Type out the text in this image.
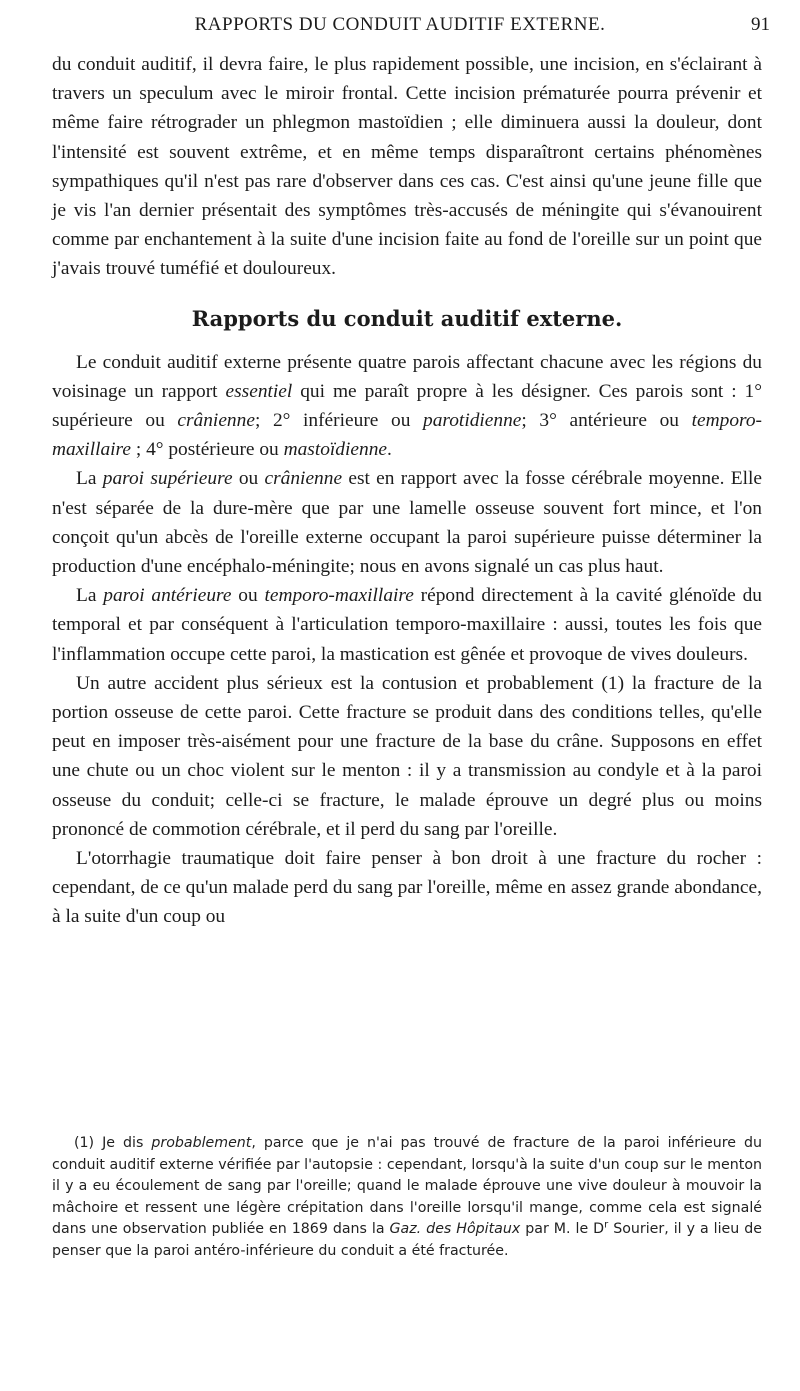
RAPPORTS DU CONDUIT AUDITIF EXTERNE.	91

du conduit auditif, il devra faire, le plus rapidement possible, une incision, en s'éclairant à travers un speculum avec le miroir frontal. Cette incision prématurée pourra prévenir et même faire rétrograder un phlegmon mastoïdien ; elle diminuera aussi la douleur, dont l'intensité est souvent extrême, et en même temps disparaîtront certains phénomènes sympathiques qu'il n'est pas rare d'observer dans ces cas. C'est ainsi qu'une jeune fille que je vis l'an dernier présentait des symptômes très-accusés de méningite qui s'évanouirent comme par enchantement à la suite d'une incision faite au fond de l'oreille sur un point que j'avais trouvé tuméfié et douloureux.

Rapports du conduit auditif externe.

Le conduit auditif externe présente quatre parois affectant chacune avec les régions du voisinage un rapport essentiel qui me paraît propre à les désigner. Ces parois sont : 1° supérieure ou crânienne; 2° inférieure ou parotidienne; 3° antérieure ou temporo-maxillaire ; 4° postérieure ou mastoïdienne.

La paroi supérieure ou crânienne est en rapport avec la fosse cérébrale moyenne. Elle n'est séparée de la dure-mère que par une lamelle osseuse souvent fort mince, et l'on conçoit qu'un abcès de l'oreille externe occupant la paroi supérieure puisse déterminer la production d'une encéphalo-méningite; nous en avons signalé un cas plus haut.

La paroi antérieure ou temporo-maxillaire répond directement à la cavité glénoïde du temporal et par conséquent à l'articulation temporo-maxillaire : aussi, toutes les fois que l'inflammation occupe cette paroi, la mastication est gênée et provoque de vives douleurs.

Un autre accident plus sérieux est la contusion et probablement (1) la fracture de la portion osseuse de cette paroi. Cette fracture se produit dans des conditions telles, qu'elle peut en imposer très-aisément pour une fracture de la base du crâne. Supposons en effet une chute ou un choc violent sur le menton : il y a transmission au condyle et à la paroi osseuse du conduit; celle-ci se fracture, le malade éprouve un degré plus ou moins prononcé de commotion cérébrale, et il perd du sang par l'oreille.

L'otorrhagie traumatique doit faire penser à bon droit à une fracture du rocher : cependant, de ce qu'un malade perd du sang par l'oreille, même en assez grande abondance, à la suite d'un coup ou

(1) Je dis probablement, parce que je n'ai pas trouvé de fracture de la paroi inférieure du conduit auditif externe vérifiée par l'autopsie : cependant, lorsqu'à la suite d'un coup sur le menton il y a eu écoulement de sang par l'oreille; quand le malade éprouve une vive douleur à mouvoir la mâchoire et ressent une légère crépitation dans l'oreille lorsqu'il mange, comme cela est signalé dans une observation publiée en 1869 dans la Gaz. des Hôpitaux par M. le $D^r$ Sourier, il y a lieu de penser que la paroi antéro-inférieure du conduit a été fracturée.
